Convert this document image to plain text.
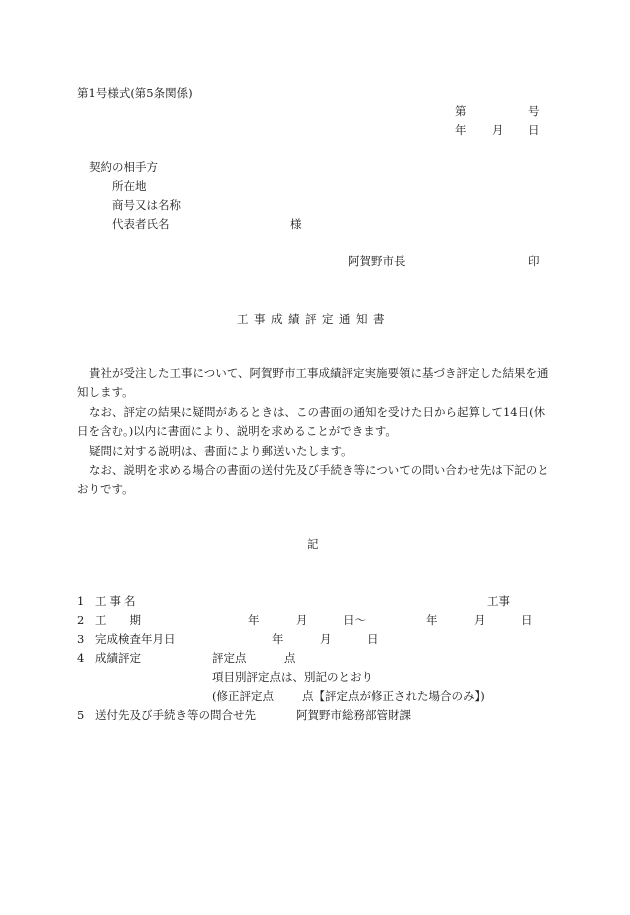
第1号様式(第5条関係)
第	号
年 月 日
契約の相手方
所在地
商号又は名称
代表者氏名	様
阿賀野市長	印
工事成績評定通知書
貴社が受注した工事について、阿賀野市工事成績評定実施要領に基づき評定した結果を通知します。
なお、評定の結果に疑問があるときは、この書面の通知を受けた日から起算して14日(休日を含む。)以内に書面により、説明を求めることができます。
疑問に対する説明は、書面により郵送いたします。
なお、説明を求める場合の書面の送付先及び手続き等についての問い合わせ先は下記のとおりです。
記
1 工事名	工事
2 工　　期	年	月	日～	年	月	日
3 完成検査年月日	年	月	日
4 成績評定	評定点	点
項目別評定点は、別記のとおり
(修正評定点 点【評定点が修正された場合のみ】)
5 送付先及び手続き等の問合せ先	阿賀野市総務部管財課
